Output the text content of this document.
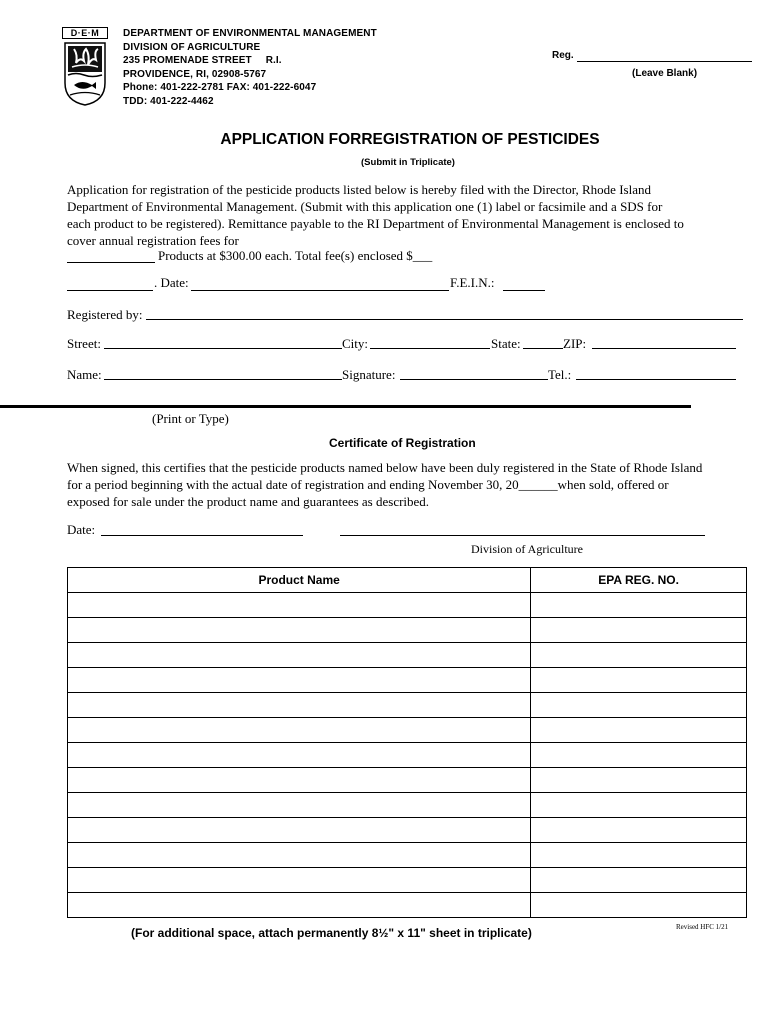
D·E·M	DEPARTMENT OF ENVIRONMENTAL MANAGEMENT
DIVISION OF AGRICULTURE
235 PROMENADE STREET R.I.
PROVIDENCE, RI, 02908-5767
Phone: 401-222-2781 FAX: 401-222-6047
TDD: 401-222-4462
Reg.
(Leave Blank)
APPLICATION FORREGISTRATION OF PESTICIDES
(Submit in Triplicate)
Application for registration of the pesticide products listed below is hereby filed with the Director, Rhode Island
Department of Environmental Management. (Submit with this application one (1) label or facsimile and a SDS for
each product to be registered). Remittance payable to the RI Department of Environmental Management is enclosed to
cover annual registration fees for
Products at $300.00 each. Total fee(s) enclosed $___
. Date:	F.E.I.N.:
Registered by:
Street:	City:	State:	ZIP:
Name:	Signature:	Tel.:
(Print or Type)
Certificate of Registration
When signed, this certifies that the pesticide products named below have been duly registered in the State of Rhode Island
for a period beginning with the actual date of registration and ending November 30, 20______when sold, offered or
exposed for sale under the product name and guarantees as described.
Date:
Division of Agriculture
Product Name	EPA REG. NO.

(For additional space, attach permanently 8½" x 11" sheet in triplicate)	Revised HFC 1/21
